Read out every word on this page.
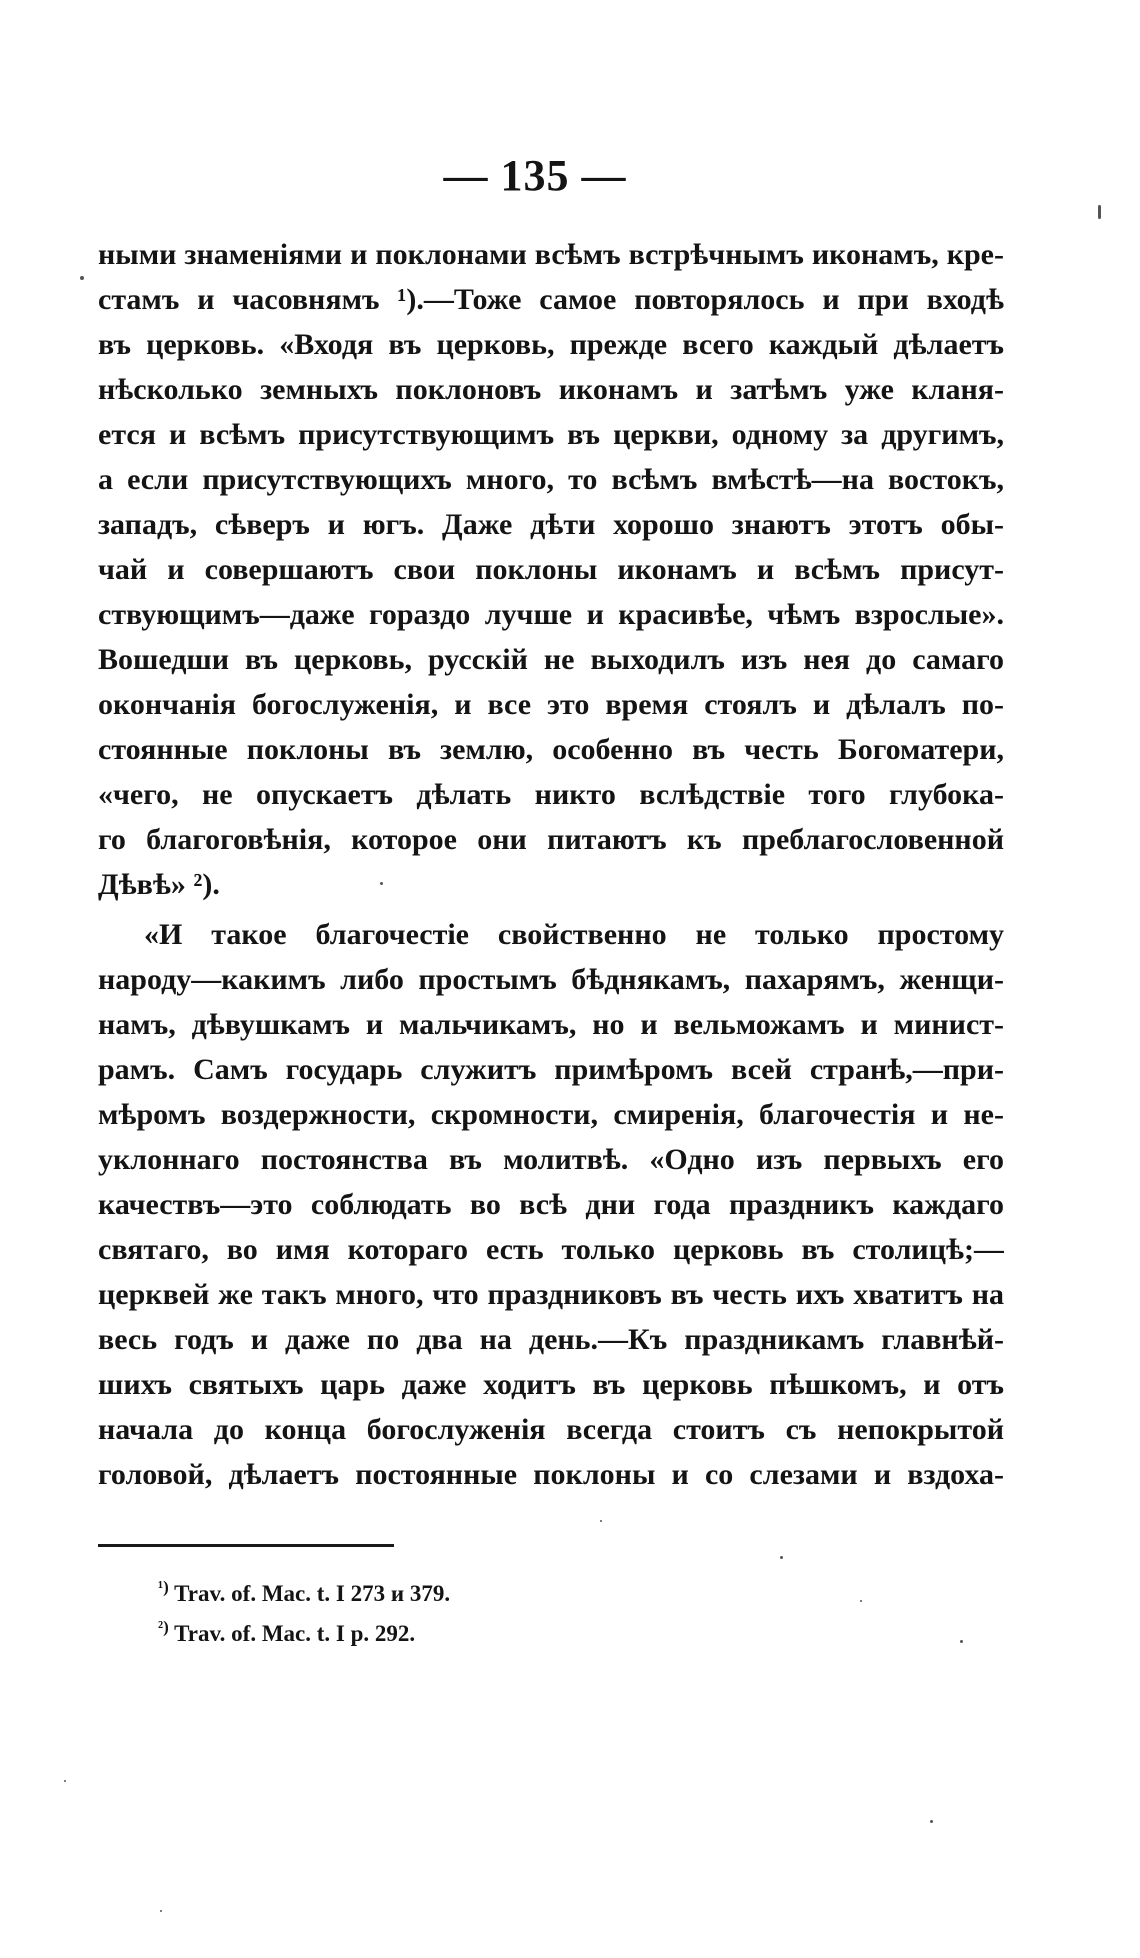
— 135 —
ными знаменіями и поклонами всѣмъ встрѣчнымъ иконамъ, кре-
стамъ и часовнямъ ¹).—Тоже самое повторялось и при входѣ
въ церковь. «Входя въ церковь, прежде всего каждый дѣлаетъ
нѣсколько земныхъ поклоновъ иконамъ и затѣмъ уже кланя-
ется и всѣмъ присутствующимъ въ церкви, одному за другимъ,
а если присутствующихъ много, то всѣмъ вмѣстѣ—на востокъ,
западъ, сѣверъ и югъ. Даже дѣти хорошо знаютъ этотъ обы-
чай и совершаютъ свои поклоны иконамъ и всѣмъ присут-
ствующимъ—даже гораздо лучше и красивѣе, чѣмъ взрослые».
Вошедши въ церковь, русскій не выходилъ изъ нея до самаго
окончанія богослуженія, и все это время стоялъ и дѣлалъ по-
стоянные поклоны въ землю, особенно въ честь Богоматери,
«чего, не опускаетъ дѣлать никто вслѣдствіе того глубока-
го благоговѣнія, которое они питаютъ къ преблагословенной
Дѣвѣ» ²).
«И такое благочестіе свойственно не только простому
народу—какимъ либо простымъ бѣднякамъ, пахарямъ, женщи-
намъ, дѣвушкамъ и мальчикамъ, но и вельможамъ и минист-
рамъ. Самъ государь служитъ примѣромъ всей странѣ,—при-
мѣромъ воздержности, скромности, смиренія, благочестія и не-
уклоннаго постоянства въ молитвѣ. «Одно изъ первыхъ его
качествъ—это соблюдать во всѣ дни года праздникъ каждаго
святаго, во имя котораго есть только церковь въ столицѣ;—
церквей же такъ много, что праздниковъ въ честь ихъ хватитъ на
весь годъ и даже по два на день.—Къ праздникамъ главнѣй-
шихъ святыхъ царь даже ходитъ въ церковь пѣшкомъ, и отъ
начала до конца богослуженія всегда стоитъ съ непокрытой
головой, дѣлаетъ постоянные поклоны и со слезами и вздоха-
$^{^1)}$ Trav. of. Mac. t. I 273 и 379.
$^{^2)}$ Trav. of. Mac. t. I p. 292.
